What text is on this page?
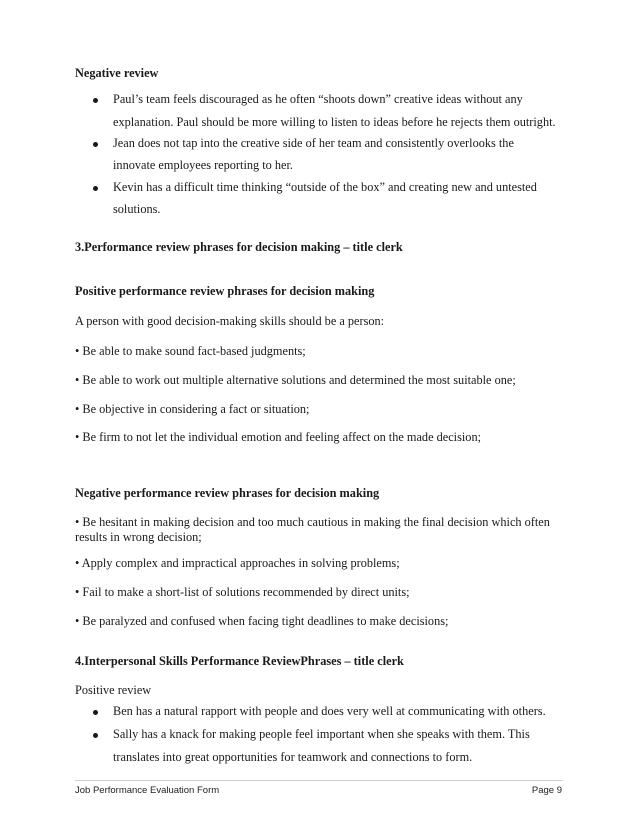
Negative review
Paul’s team feels discouraged as he often “shoots down” creative ideas without any
explanation. Paul should be more willing to listen to ideas before he rejects them outright.
Jean does not tap into the creative side of her team and consistently overlooks the
innovate employees reporting to her.
Kevin has a difficult time thinking “outside of the box” and creating new and untested
solutions.
3.Performance review phrases for decision making – title clerk
Positive performance review phrases for decision making
A person with good decision-making skills should be a person:
• Be able to make sound fact-based judgments;
• Be able to work out multiple alternative solutions and determined the most suitable one;
• Be objective in considering a fact or situation;
• Be firm to not let the individual emotion and feeling affect on the made decision;
Negative performance review phrases for decision making
• Be hesitant in making decision and too much cautious in making the final decision which often
results in wrong decision;
• Apply complex and impractical approaches in solving problems;
• Fail to make a short-list of solutions recommended by direct units;
• Be paralyzed and confused when facing tight deadlines to make decisions;
4.Interpersonal Skills Performance ReviewPhrases – title clerk
Positive review
Ben has a natural rapport with people and does very well at communicating with others.
Sally has a knack for making people feel important when she speaks with them. This
translates into great opportunities for teamwork and connections to form.
Job Performance Evaluation Form	Page 9
